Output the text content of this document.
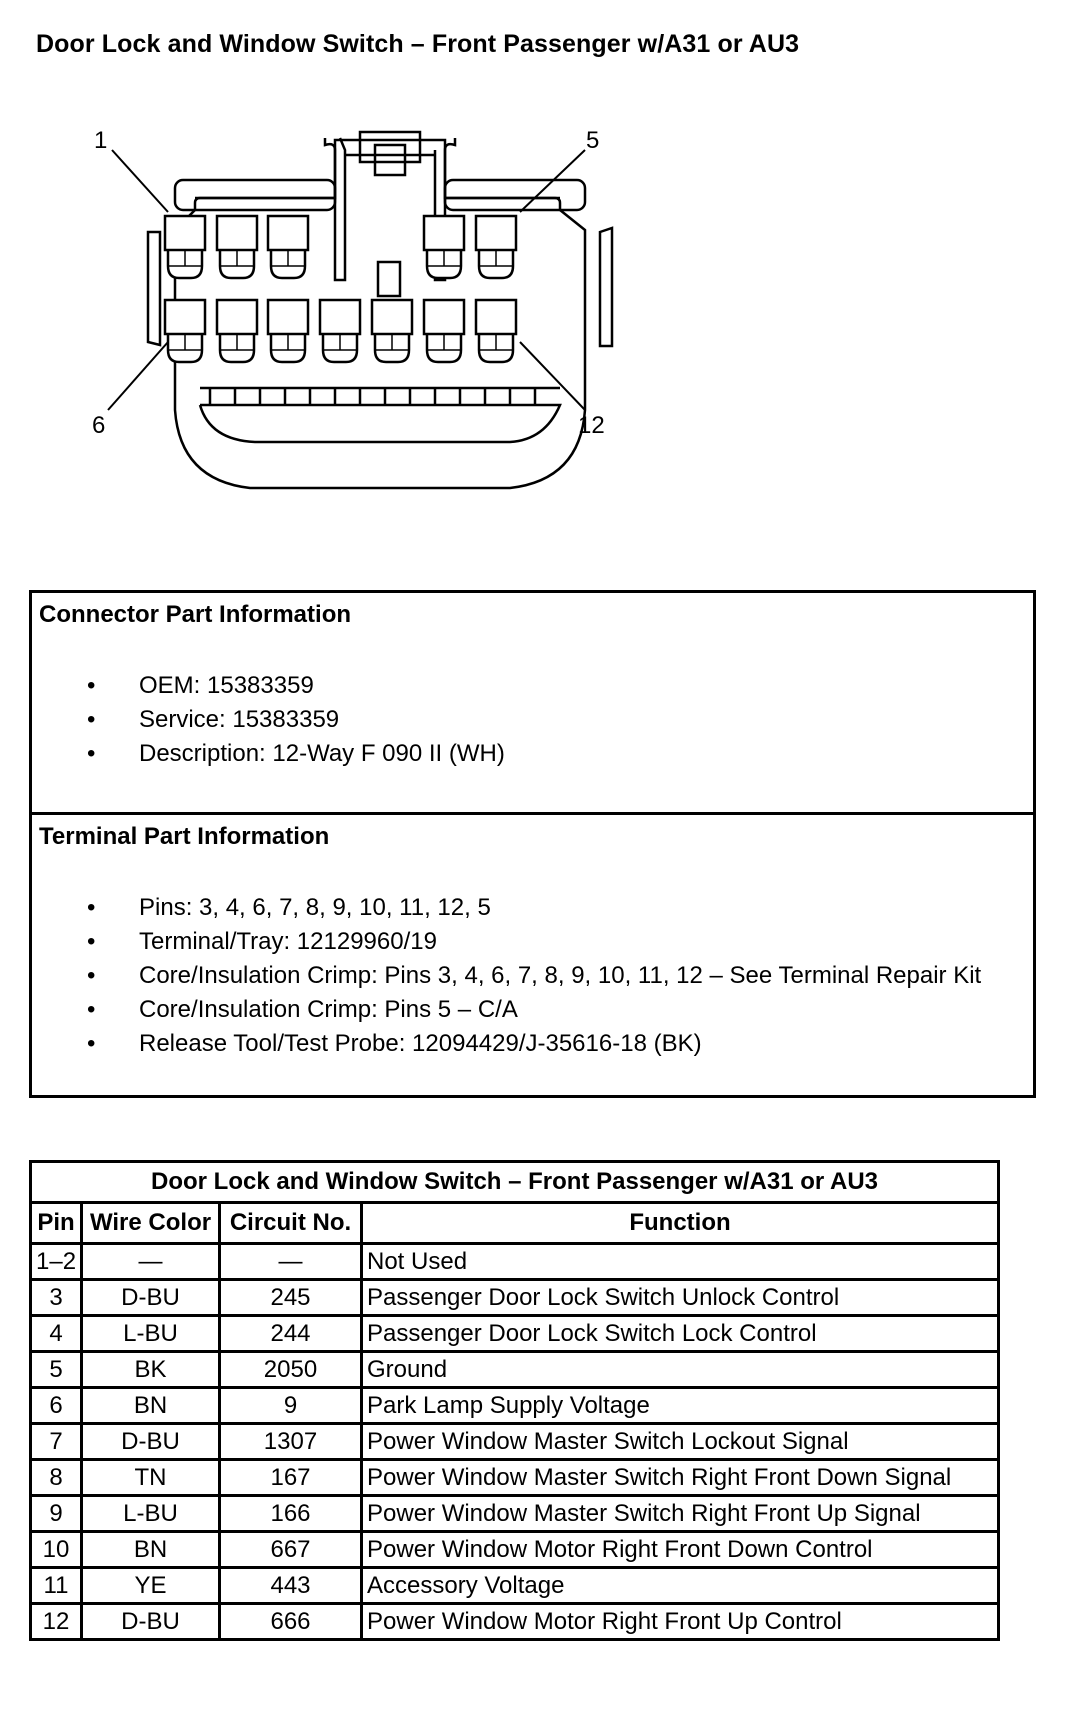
Door Lock and Window Switch – Front Passenger w/A31 or AU3
1	5
6	12
Connector Part Information
• OEM: 15383359
• Service: 15383359
• Description: 12-Way F 090 II (WH)
Terminal Part Information
• Pins: 3, 4, 6, 7, 8, 9, 10, 11, 12, 5
• Terminal/Tray: 12129960/19
• Core/Insulation Crimp: Pins 3, 4, 6, 7, 8, 9, 10, 11, 12 – See Terminal Repair Kit
• Core/Insulation Crimp: Pins 5 – C/A
• Release Tool/Test Probe: 12094429/J-35616-18 (BK)
Door Lock and Window Switch – Front Passenger w/A31 or AU3			
Pin	Wire Color	Circuit No.	Function
1–2	—	—	Not Used
3	D-BU	245	Passenger Door Lock Switch Unlock Control
4	L-BU	244	Passenger Door Lock Switch Lock Control
5	BK	2050	Ground
6	BN	9	Park Lamp Supply Voltage
7	D-BU	1307	Power Window Master Switch Lockout Signal
8	TN	167	Power Window Master Switch Right Front Down Signal
9	L-BU	166	Power Window Master Switch Right Front Up Signal
10	BN	667	Power Window Motor Right Front Down Control
11	YE	443	Accessory Voltage
12	D-BU	666	Power Window Motor Right Front Up Control
